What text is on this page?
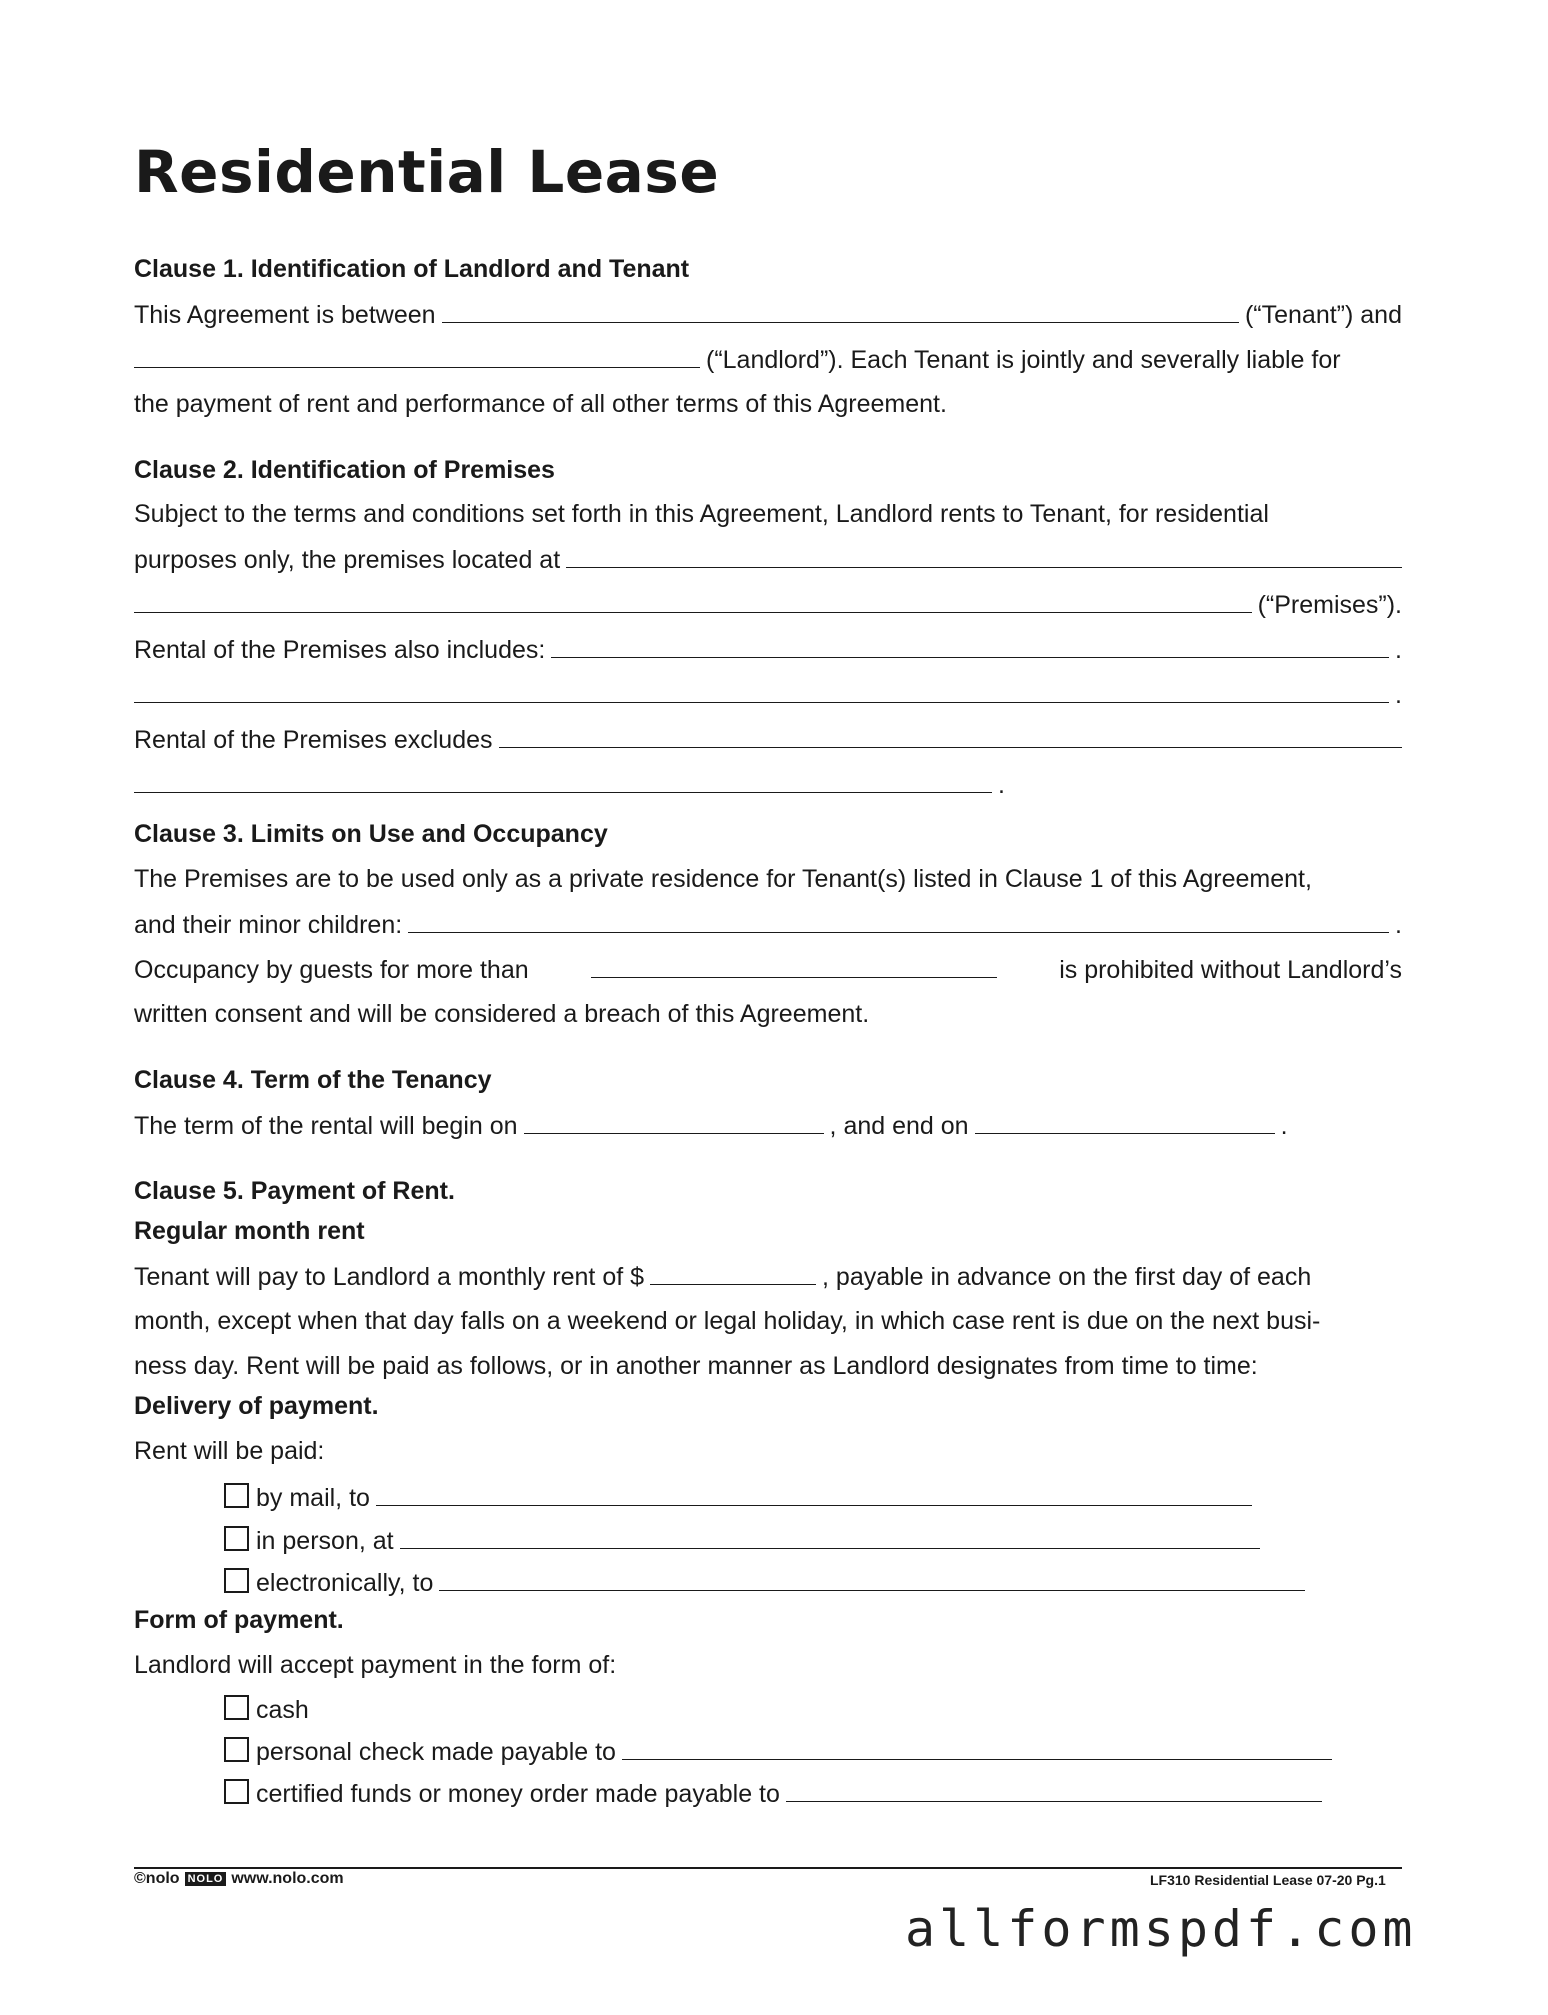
Residential Lease
Clause 1. Identification of Landlord and Tenant
This Agreement is between	(“Tenant”) and
(“Landlord”). Each Tenant is jointly and severally liable for
the payment of rent and performance of all other terms of this Agreement.
Clause 2. Identification of Premises
Subject to the terms and conditions set forth in this Agreement, Landlord rents to Tenant, for residential
purposes only, the premises located at
(“Premises”).
Rental of the Premises also includes:	.
.
Rental of the Premises excludes
.
Clause 3. Limits on Use and Occupancy
The Premises are to be used only as a private residence for Tenant(s) listed in Clause 1 of this Agreement,
and their minor children:	.
Occupancy by guests for more than	is prohibited without Landlord’s
written consent and will be considered a breach of this Agreement.
Clause 4. Term of the Tenancy
The term of the rental will begin on	, and end on	.
Clause 5. Payment of Rent.
Regular month rent
Tenant will pay to Landlord a monthly rent of $	, payable in advance on the first day of each
month, except when that day falls on a weekend or legal holiday, in which case rent is due on the next busi-
ness day. Rent will be paid as follows, or in another manner as Landlord designates from time to time:
Delivery of payment.
Rent will be paid:
by mail, to
in person, at
electronically, to
Form of payment.
Landlord will accept payment in the form of:
cash
personal check made payable to
certified funds or money order made payable to
©nolo NOLO www.nolo.com	LF310 Residential Lease 07-20 Pg.1
allformspdf.com
